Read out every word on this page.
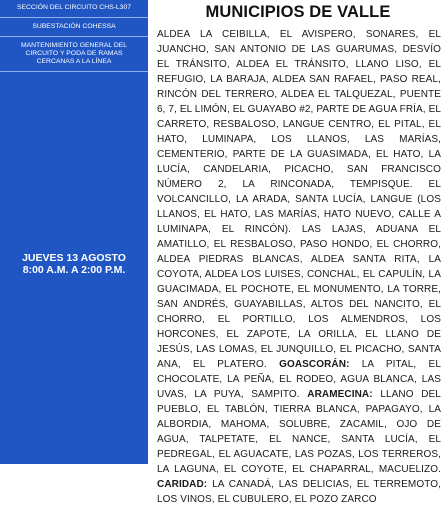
SECCIÓN DEL CIRCUITO CHS-L307
SUBESTACIÓN COHESSA
MANTENIMIENTO GENERAL DEL CIRCUITO Y PODA DE RAMAS CERCANAS A LA LÍNEA
JUEVES 13 AGOSTO
8:00 A.M. A 2:00 P.M.
MUNICIPIOS DE VALLE
ALDEA LA CEIBILLA, EL AVISPERO, SONARES, EL JUANCHO, SAN ANTONIO DE LAS GUARUMAS, DESVÍO EL TRÁNSITO, ALDEA EL TRÁNSITO, LLANO LISO, EL REFUGIO, LA BARAJA, ALDEA SAN RAFAEL, PASO REAL, RINCÓN DEL TERRERO, ALDEA EL TALQUEZAL, PUENTE 6, 7, EL LIMÓN, EL GUAYABO #2, PARTE DE AGUA FRÍA, EL CARRETO, RESBALOSO, LANGUE CENTRO, EL PITAL, EL HATO, LUMINAPA, LOS LLANOS, LAS MARÍAS, CEMENTERIO, PARTE DE LA GUASIMADA, EL HATO, LA LUCÍA, CANDELARIA, PICACHO, SAN FRANCISCO NÚMERO 2, LA RINCONADA, TEMPISQUE. EL VOLCANCILLO, LA ARADA, SANTA LUCÍA, LANGUE (LOS LLANOS, EL HATO, LAS MARÍAS, HATO NUEVO, CALLE A LUMINAPA, EL RINCÓN). LAS LAJAS, ADUANA EL AMATILLO, EL RESBALOSO, PASO HONDO, EL CHORRO, ALDEA PIEDRAS BLANCAS, ALDEA SANTA RITA, LA COYOTA, ALDEA LOS LUISES, CONCHAL, EL CAPULÍN, LA GUACIMADA, EL POCHOTE, EL MONUMENTO, LA TORRE, SAN ANDRÉS, GUAYABILLAS, ALTOS DEL NANCITO, EL CHORRO, EL PORTILLO, LOS ALMENDROS, LOS HORCONES, EL ZAPOTE, LA ORILLA, EL LLANO DE JESÚS, LAS LOMAS, EL JUNQUILLO, EL PICACHO, SANTA ANA, EL PLATERO. GOASCORÁN: LA PITAL, EL CHOCOLATE, LA PEÑA, EL RODEO, AGUA BLANCA, LAS UVAS, LA PUYA, SAMPITO. ARAMECINA: LLANO DEL PUEBLO, EL TABLÓN, TIERRA BLANCA, PAPAGAYO, LA ALBORDIA, MAHOMA, SOLUBRE, ZACAMIL, OJO DE AGUA, TALPETATE, EL NANCE, SANTA LUCÍA, EL PEDREGAL, EL AGUACATE, LAS POZAS, LOS TERREROS, LA LAGUNA, EL COYOTE, EL CHAPARRAL, MACUELIZO. CARIDAD: LA CANADÁ, LAS DELICIAS, EL TERREMOTO, LOS VINOS, EL CUBULERO, EL POZO ZARCO
